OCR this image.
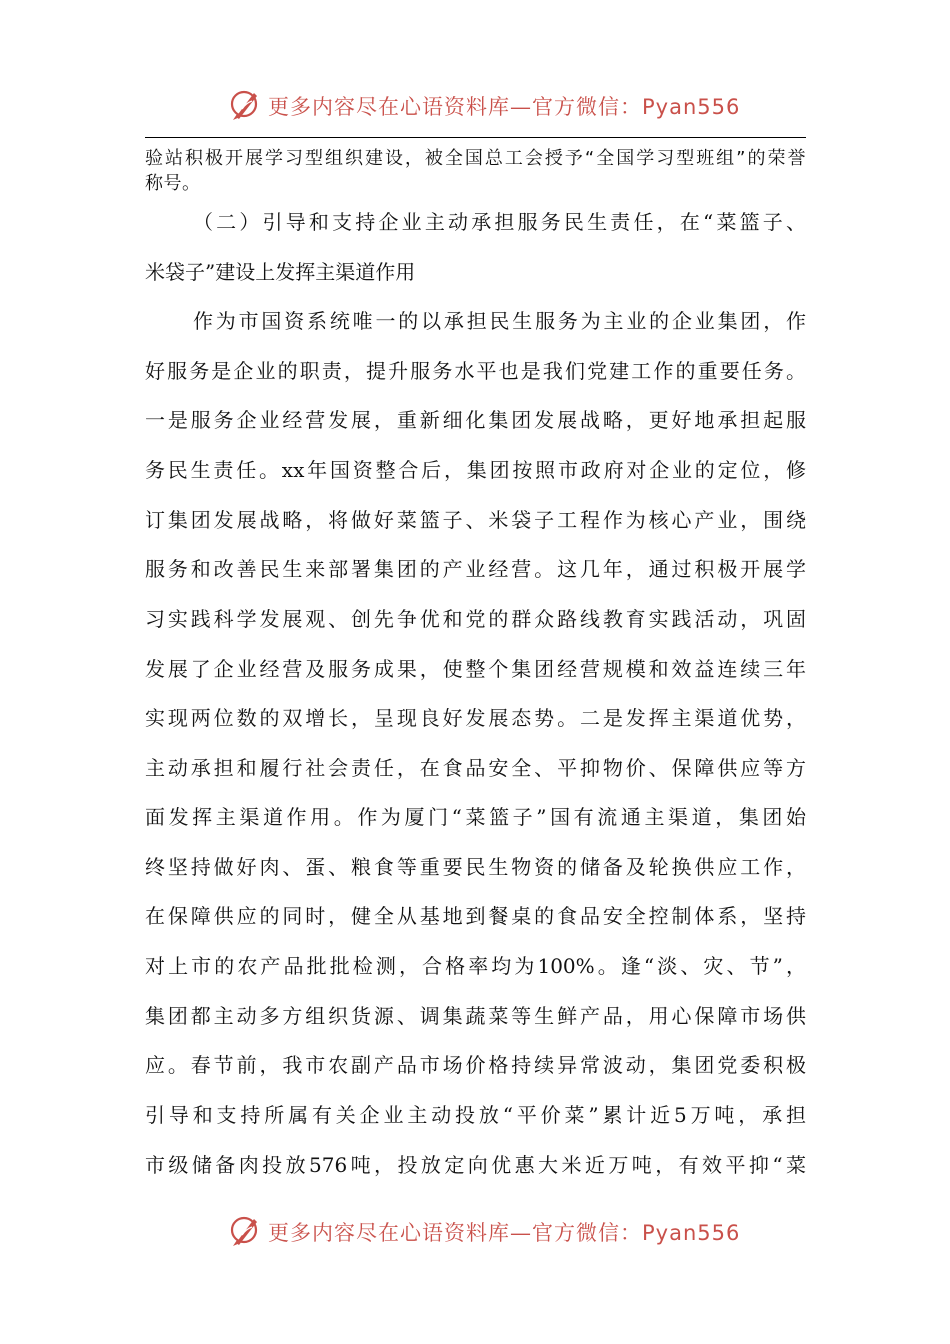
更多内容尽在心语资料库—官方微信：Pyan556
验站积极开展学习型组织建设，被全国总工会授予“全国学习型班组”的荣誉
称号。
（二）引导和支持企业主动承担服务民生责任，在“菜篮子、
米袋子”建设上发挥主渠道作用
作为市国资系统唯一的以承担民生服务为主业的企业集团，作
好服务是企业的职责，提升服务水平也是我们党建工作的重要任务。
一是服务企业经营发展，重新细化集团发展战略，更好地承担起服
务民生责任。xx年国资整合后，集团按照市政府对企业的定位，修
订集团发展战略，将做好菜篮子、米袋子工程作为核心产业，围绕
服务和改善民生来部署集团的产业经营。这几年，通过积极开展学
习实践科学发展观、创先争优和党的群众路线教育实践活动，巩固
发展了企业经营及服务成果，使整个集团经营规模和效益连续三年
实现两位数的双增长，呈现良好发展态势。二是发挥主渠道优势，
主动承担和履行社会责任，在食品安全、平抑物价、保障供应等方
面发挥主渠道作用。作为厦门“菜篮子”国有流通主渠道，集团始
终坚持做好肉、蛋、粮食等重要民生物资的储备及轮换供应工作，
在保障供应的同时，健全从基地到餐桌的食品安全控制体系，坚持
对上市的农产品批批检测，合格率均为100%。逢“淡、灾、节”，
集团都主动多方组织货源、调集蔬菜等生鲜产品，用心保障市场供
应。春节前，我市农副产品市场价格持续异常波动，集团党委积极
引导和支持所属有关企业主动投放“平价菜”累计近5万吨，承担
市级储备肉投放576吨，投放定向优惠大米近万吨，有效平抑“菜
更多内容尽在心语资料库—官方微信：Pyan556
